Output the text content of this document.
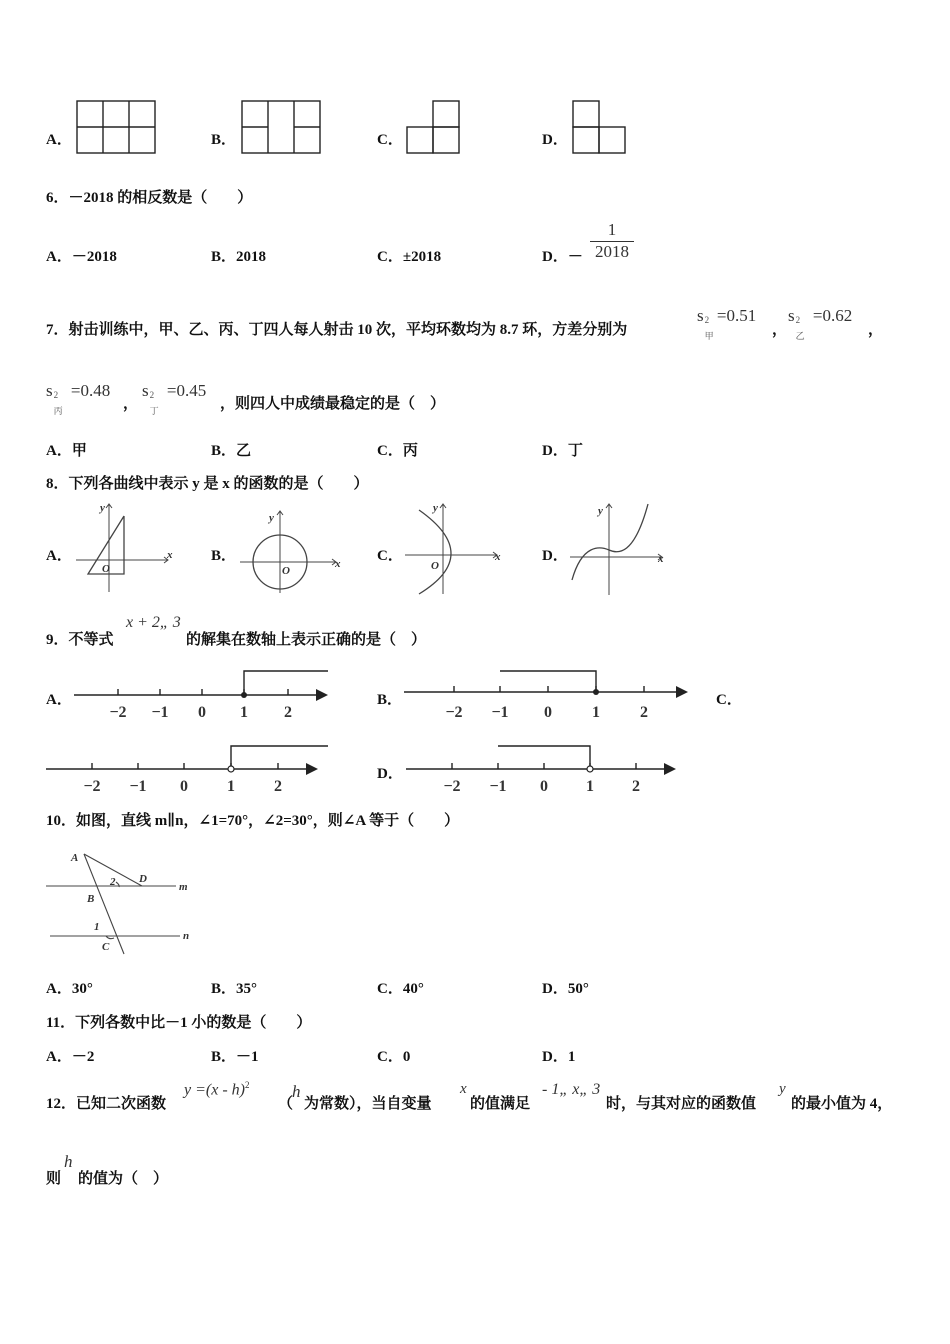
A．	B．	C．	D．
6．－2018 的相反数是（　　）
A．－2018	B．2018	C．±2018	D．－ $\frac{1}{2018}$
7．射击训练中，甲、乙、丙、丁四人每人射击 10 次，平均环数均为 8.7 环，方差分别为
s 2
甲
=0.51
，
s 2
乙
=0.62
，
s 2
丙
=0.48
，
s 2
丁
=0.45
，则四人中成绩最稳定的是（　）
A．甲	B．乙	C．丙	D．丁
8．下列各曲线中表示 y 是 x 的函数的是（　　）
A．	x
y
O
B．	x
y
O
C．	x
y
O
D．	x
y
9．不等式
x + 2„ 3
的解集在数轴上表示正确的是（　）
A．
−2 −1 0 1 2
B．
−2 −1 0	1	2
C．
−2 −1 0 1 2
D．
−2 −1 0 1 2
10．如图，直线 m∥n，∠1=70°，∠2=30°，则∠A 等于（　　）
A
B
C
D
m
n
1
2
A．30°	B．35°	C．40°	D．50°
11．下列各数中比－1 小的数是（　　）
A．－2	B．－1	C．0	D．1
12．已知二次函数
y =(x - h)$^2$
（
h
为常数），当自变量
x
的值满足
- 1„ x„ 3
时，与其对应的函数值
y
的最小值为 4，
则
h
的值为（　）
